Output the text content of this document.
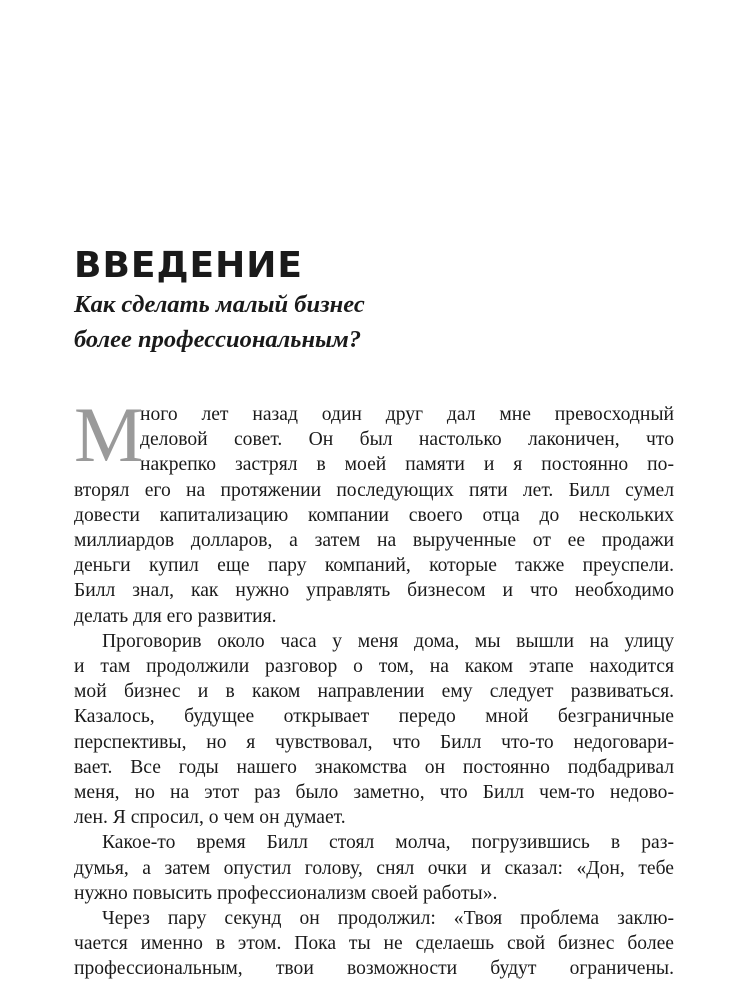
ВВЕДЕНИЕ
Как сделать малый бизнес
более профессиональным?
М
ного лет назад один друг дал мне превосходный
деловой совет. Он был настолько лаконичен, что
накрепко застрял в моей памяти и я постоянно по-
вторял его на протяжении последующих пяти лет. Билл сумел
довести капитализацию компании своего отца до нескольких
миллиардов долларов, а затем на вырученные от ее продажи
деньги купил еще пару компаний, которые также преуспели.
Билл знал, как нужно управлять бизнесом и что необходимо
делать для его развития.
Проговорив около часа у меня дома, мы вышли на улицу
и там продолжили разговор о том, на каком этапе находится
мой бизнес и в каком направлении ему следует развиваться.
Казалось, будущее открывает передо мной безграничные
перспективы, но я чувствовал, что Билл что-то недоговари-
вает. Все годы нашего знакомства он постоянно подбадривал
меня, но на этот раз было заметно, что Билл чем-то недово-
лен. Я спросил, о чем он думает.
Какое-то время Билл стоял молча, погрузившись в раз-
думья, а затем опустил голову, снял очки и сказал: «Дон, тебе
нужно повысить профессионализм своей работы».
Через пару секунд он продолжил: «Твоя проблема заклю-
чается именно в этом. Пока ты не сделаешь свой бизнес более
профессиональным, твои возможности будут ограничены.
